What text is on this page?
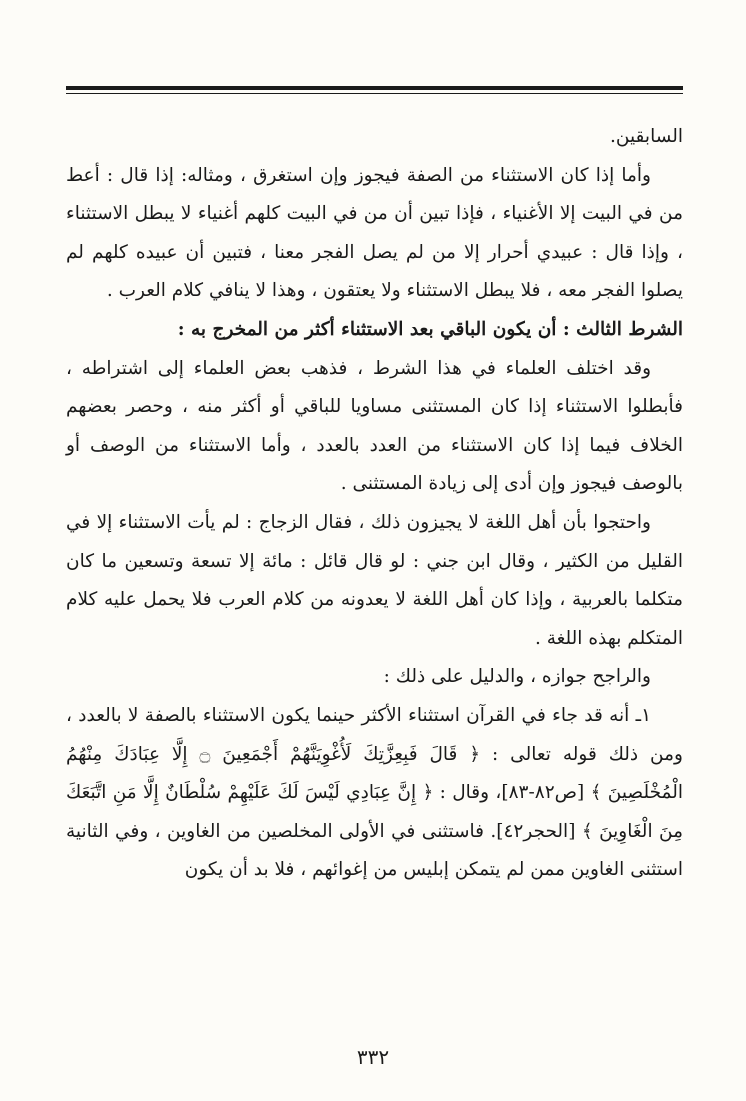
السابقين.

وأما إذا كان الاستثناء من الصفة فيجوز وإن استغرق ، ومثاله: إذا قال : أعط من في البيت إلا الأغنياء ، فإذا تبين أن من في البيت كلهم أغنياء لا يبطل الاستثناء ، وإذا قال : عبيدي أحرار إلا من لم يصل الفجر معنا ، فتبين أن عبيده كلهم لم يصلوا الفجر معه ، فلا يبطل الاستثناء ولا يعتقون ، وهذا لا ينافي كلام العرب .

الشرط الثالث : أن يكون الباقي بعد الاستثناء أكثر من المخرج به :

وقد اختلف العلماء في هذا الشرط ، فذهب بعض العلماء إلى اشتراطه ، فأبطلوا الاستثناء إذا كان المستثنى مساويا للباقي أو أكثر منه ، وحصر بعضهم الخلاف فيما إذا كان الاستثناء من العدد بالعدد ، وأما الاستثناء من الوصف أو بالوصف فيجوز وإن أدى إلى زيادة المستثنى .

واحتجوا بأن أهل اللغة لا يجيزون ذلك ، فقال الزجاج : لم يأت الاستثناء إلا في القليل من الكثير ، وقال ابن جني : لو قال قائل : مائة إلا تسعة وتسعين ما كان متكلما بالعربية ، وإذا كان أهل اللغة لا يعدونه من كلام العرب فلا يحمل عليه كلام المتكلم بهذه اللغة .

والراجح جوازه ، والدليل على ذلك :

١ـ أنه قد جاء في القرآن استثناء الأكثر حينما يكون الاستثناء بالصفة لا بالعدد ، ومن ذلك قوله تعالى : ﴿ قَالَ فَبِعِزَّتِكَ لَأُغْوِيَنَّهُمْ أَجْمَعِينَ ۝ إِلَّا عِبَادَكَ مِنْهُمُ الْمُخْلَصِينَ ﴾ [ص٨٢-٨٣]، وقال : ﴿ إِنَّ عِبَادِي لَيْسَ لَكَ عَلَيْهِمْ سُلْطَانٌ إِلَّا مَنِ اتَّبَعَكَ مِنَ الْغَاوِينَ ﴾ [الحجر٤٢]. فاستثنى في الأولى المخلصين من الغاوين ، وفي الثانية استثنى الغاوين ممن لم يتمكن إبليس من إغوائهم ، فلا بد أن يكون

٣٣٢
